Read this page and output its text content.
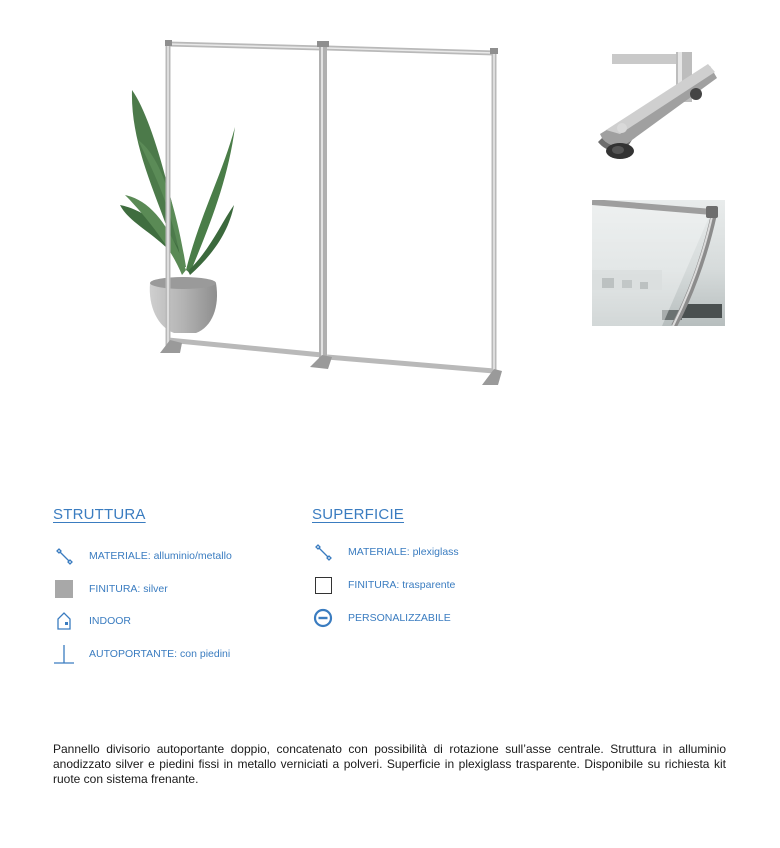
STRUTTURA
MATERIALE: alluminio/metallo
FINITURA: silver
INDOOR
AUTOPORTANTE: con piedini
SUPERFICIE
MATERIALE: plexiglass
FINITURA: trasparente
PERSONALIZZABILE
Pannello divisorio autoportante doppio, concatenato con possibilità di rotazione sull’asse centrale. Struttura in alluminio anodizzato silver e piedini fissi in metallo verniciati a polveri. Superficie in plexiglass trasparente. Disponibile su richiesta kit ruote con sistema frenante.
